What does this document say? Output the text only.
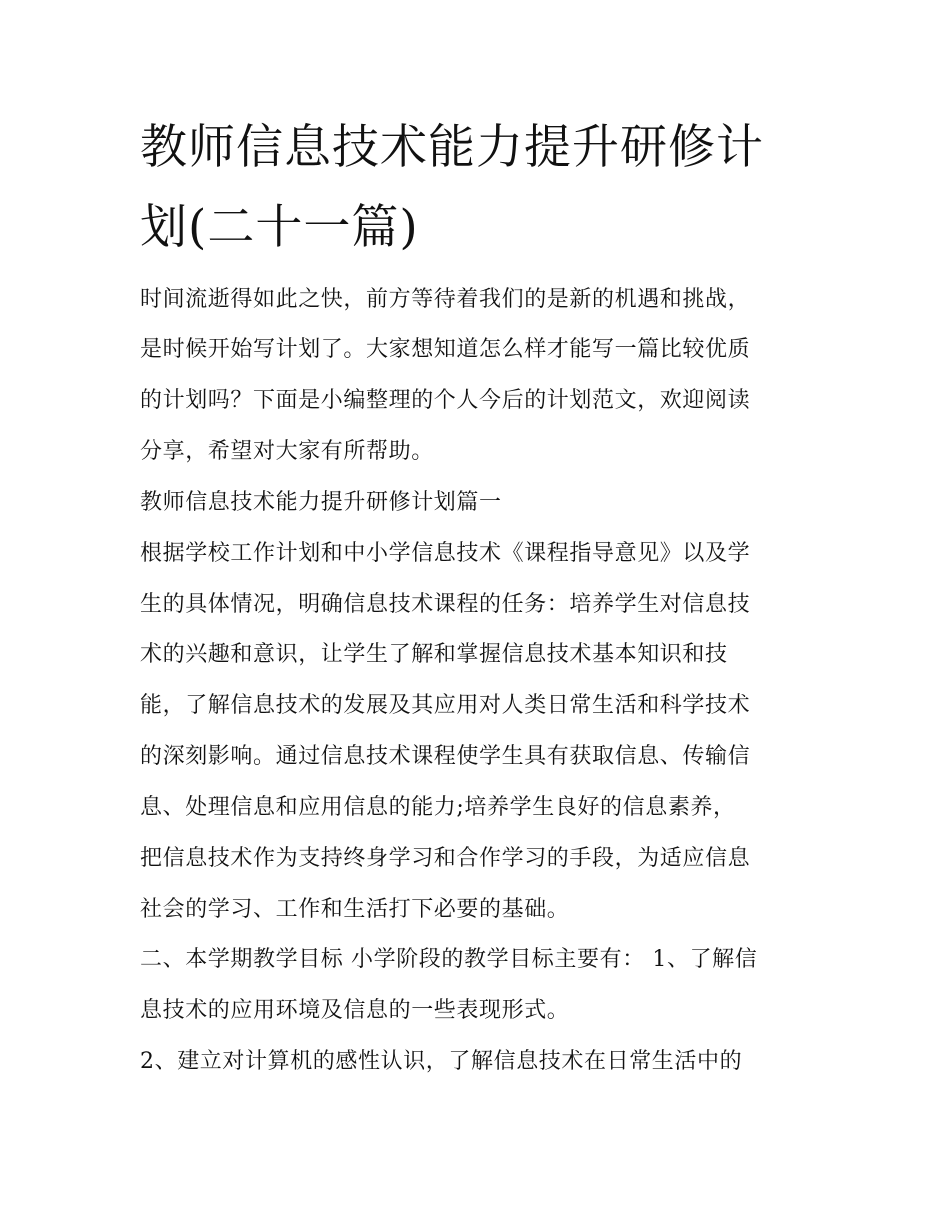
教师信息技术能力提升研修计
划(二十一篇)
时间流逝得如此之快，前方等待着我们的是新的机遇和挑战，
是时候开始写计划了。大家想知道怎么样才能写一篇比较优质
的计划吗？下面是小编整理的个人今后的计划范文，欢迎阅读
分享，希望对大家有所帮助。
教师信息技术能力提升研修计划篇一
根据学校工作计划和中小学信息技术《课程指导意见》以及学
生的具体情况，明确信息技术课程的任务：培养学生对信息技
术的兴趣和意识，让学生了解和掌握信息技术基本知识和技
能，了解信息技术的发展及其应用对人类日常生活和科学技术
的深刻影响。通过信息技术课程使学生具有获取信息、传输信
息、处理信息和应用信息的能力;培养学生良好的信息素养，
把信息技术作为支持终身学习和合作学习的手段，为适应信息
社会的学习、工作和生活打下必要的基础。
二、本学期教学目标 小学阶段的教学目标主要有： 1、了解信
息技术的应用环境及信息的一些表现形式。
2、建立对计算机的感性认识，了解信息技术在日常生活中的
